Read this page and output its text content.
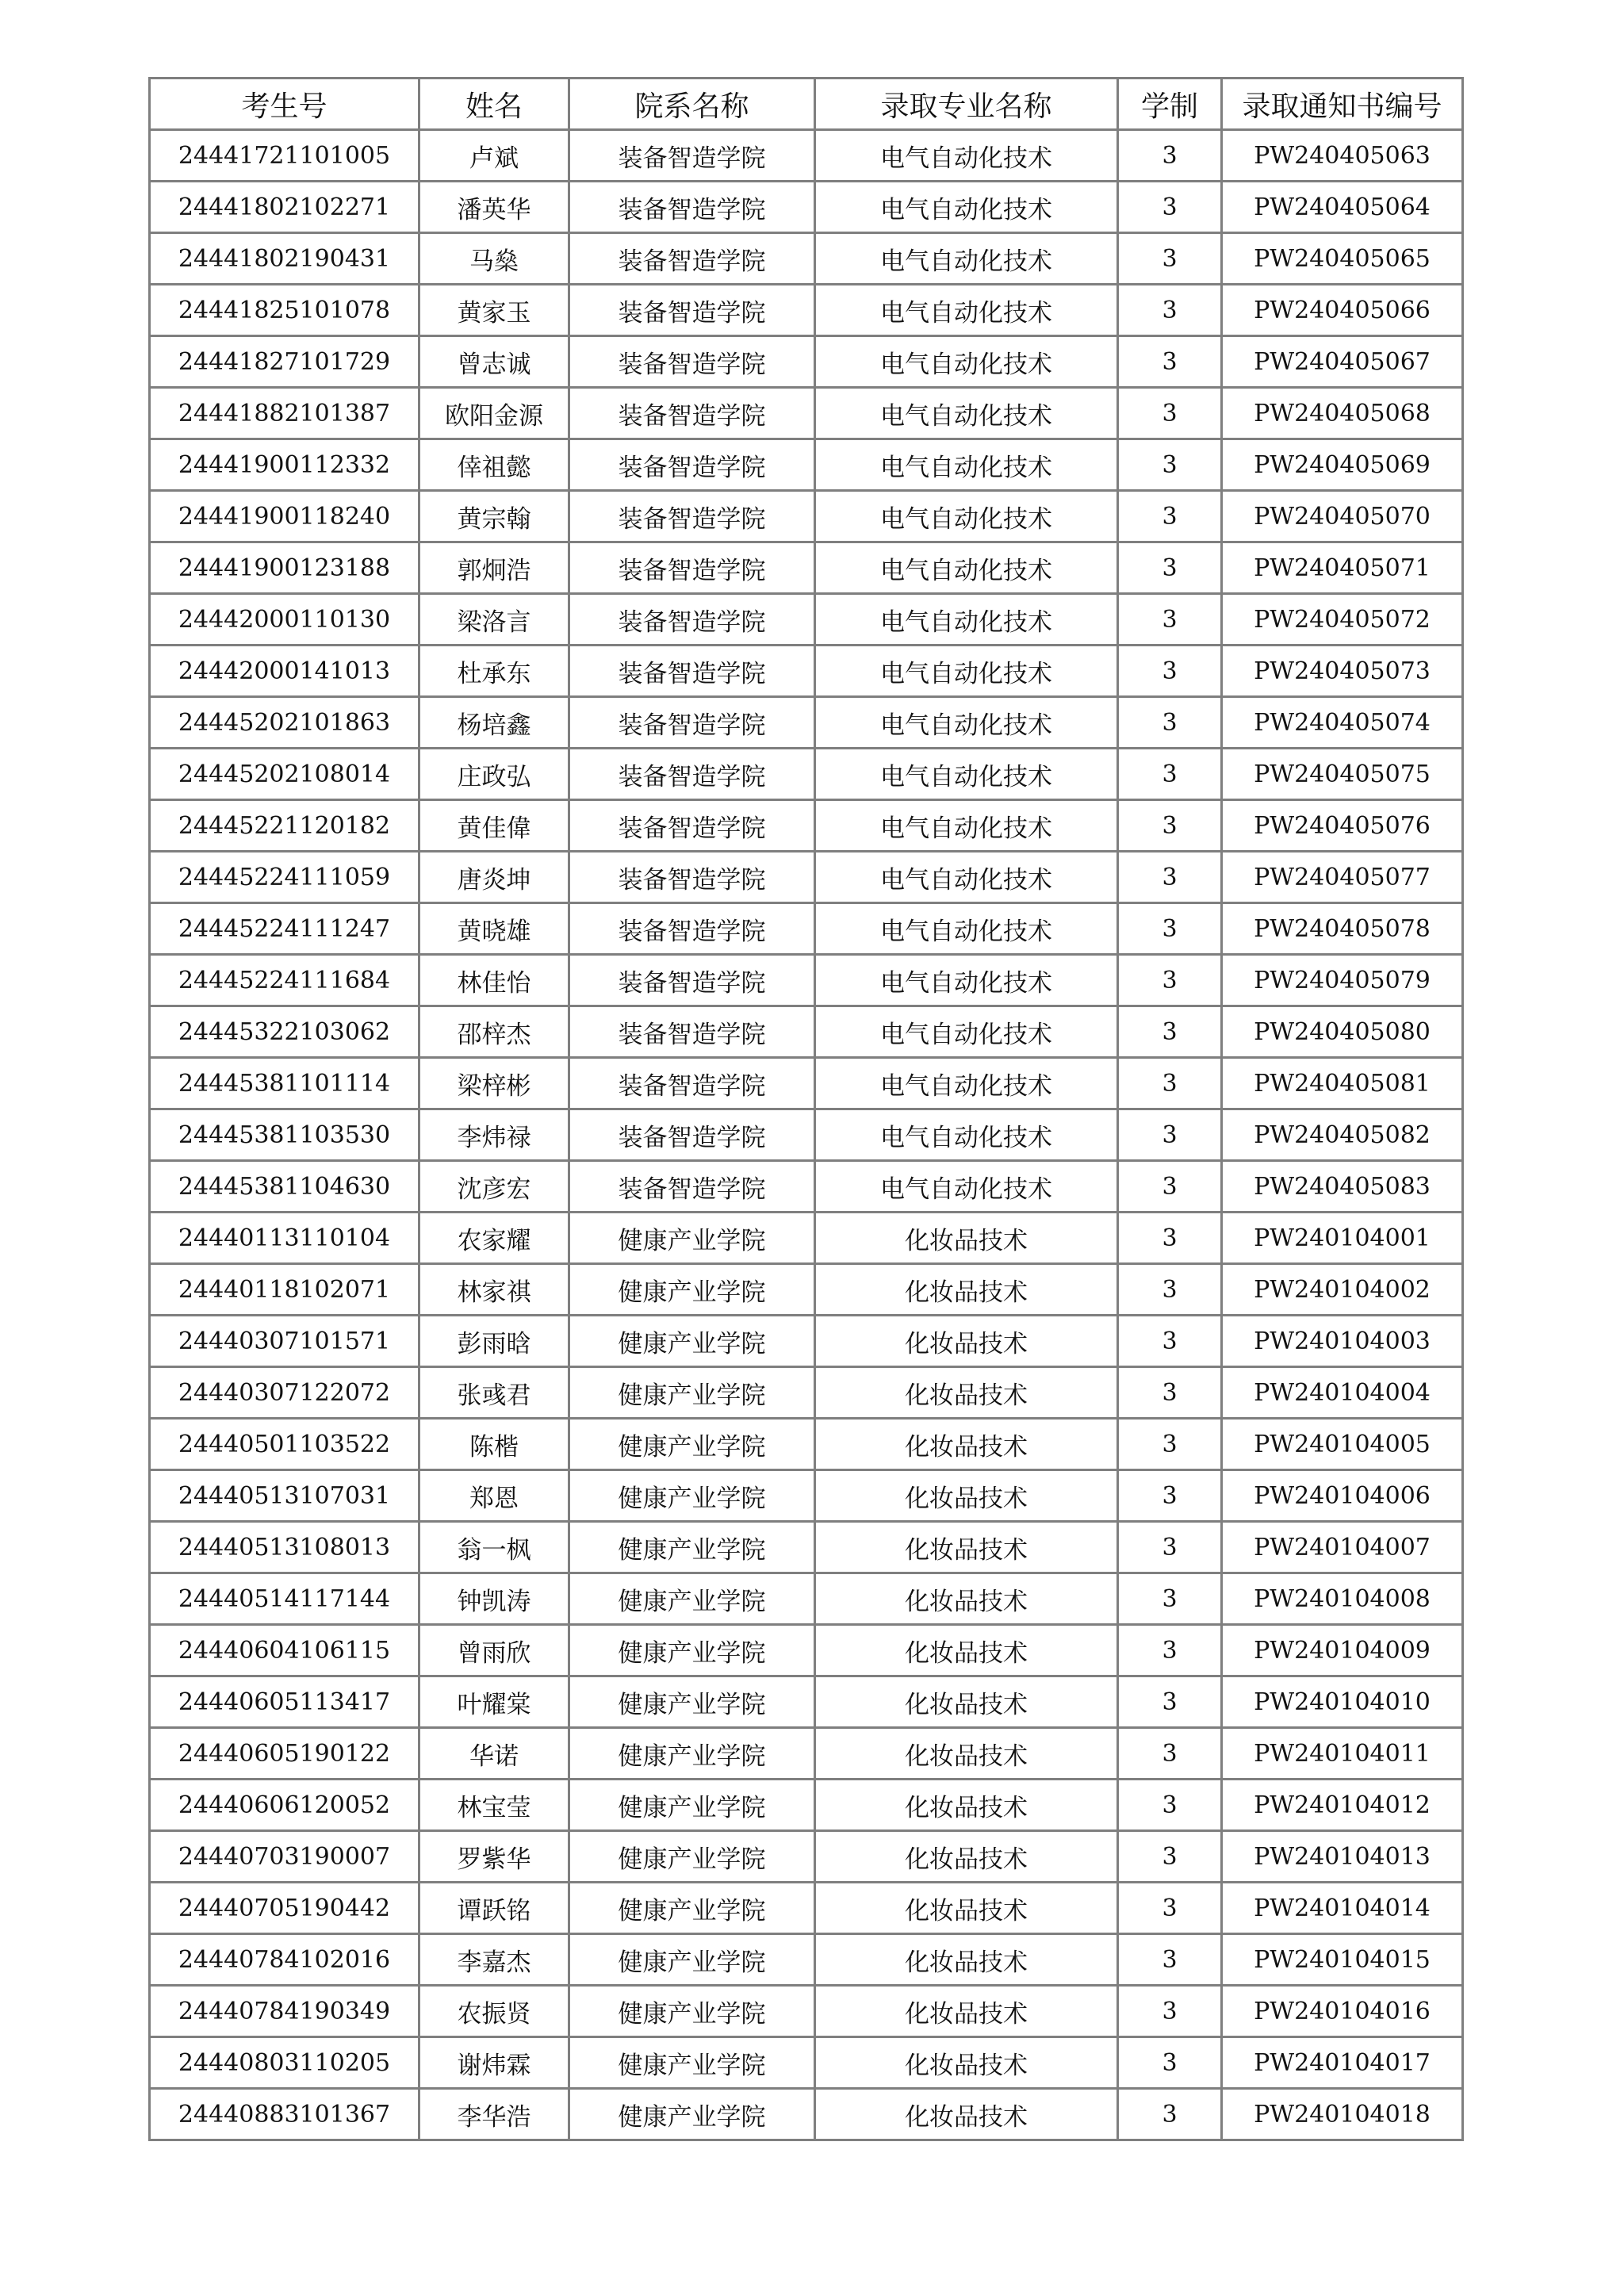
考生号	姓名	院系名称	录取专业名称	学制	录取通知书编号
24441721101005	卢斌	装备智造学院	电气自动化技术	3	PW240405063
24441802102271	潘英华	装备智造学院	电气自动化技术	3	PW240405064
24441802190431	马燊	装备智造学院	电气自动化技术	3	PW240405065
24441825101078	黄家玉	装备智造学院	电气自动化技术	3	PW240405066
24441827101729	曾志诚	装备智造学院	电气自动化技术	3	PW240405067
24441882101387	欧阳金源	装备智造学院	电气自动化技术	3	PW240405068
24441900112332	倖祖懿	装备智造学院	电气自动化技术	3	PW240405069
24441900118240	黄宗翰	装备智造学院	电气自动化技术	3	PW240405070
24441900123188	郭炯浩	装备智造学院	电气自动化技术	3	PW240405071
24442000110130	梁洛言	装备智造学院	电气自动化技术	3	PW240405072
24442000141013	杜承东	装备智造学院	电气自动化技术	3	PW240405073
24445202101863	杨培鑫	装备智造学院	电气自动化技术	3	PW240405074
24445202108014	庄政弘	装备智造学院	电气自动化技术	3	PW240405075
24445221120182	黄佳偉	装备智造学院	电气自动化技术	3	PW240405076
24445224111059	唐炎坤	装备智造学院	电气自动化技术	3	PW240405077
24445224111247	黄晓雄	装备智造学院	电气自动化技术	3	PW240405078
24445224111684	林佳怡	装备智造学院	电气自动化技术	3	PW240405079
24445322103062	邵梓杰	装备智造学院	电气自动化技术	3	PW240405080
24445381101114	梁梓彬	装备智造学院	电气自动化技术	3	PW240405081
24445381103530	李炜禄	装备智造学院	电气自动化技术	3	PW240405082
24445381104630	沈彦宏	装备智造学院	电气自动化技术	3	PW240405083
24440113110104	农家耀	健康产业学院	化妆品技术	3	PW240104001
24440118102071	林家祺	健康产业学院	化妆品技术	3	PW240104002
24440307101571	彭雨晗	健康产业学院	化妆品技术	3	PW240104003
24440307122072	张彧君	健康产业学院	化妆品技术	3	PW240104004
24440501103522	陈楷	健康产业学院	化妆品技术	3	PW240104005
24440513107031	郑恩	健康产业学院	化妆品技术	3	PW240104006
24440513108013	翁一枫	健康产业学院	化妆品技术	3	PW240104007
24440514117144	钟凯涛	健康产业学院	化妆品技术	3	PW240104008
24440604106115	曾雨欣	健康产业学院	化妆品技术	3	PW240104009
24440605113417	叶耀棠	健康产业学院	化妆品技术	3	PW240104010
24440605190122	华诺	健康产业学院	化妆品技术	3	PW240104011
24440606120052	林宝莹	健康产业学院	化妆品技术	3	PW240104012
24440703190007	罗紫华	健康产业学院	化妆品技术	3	PW240104013
24440705190442	谭跃铭	健康产业学院	化妆品技术	3	PW240104014
24440784102016	李嘉杰	健康产业学院	化妆品技术	3	PW240104015
24440784190349	农振贤	健康产业学院	化妆品技术	3	PW240104016
24440803110205	谢炜霖	健康产业学院	化妆品技术	3	PW240104017
24440883101367	李华浩	健康产业学院	化妆品技术	3	PW240104018
